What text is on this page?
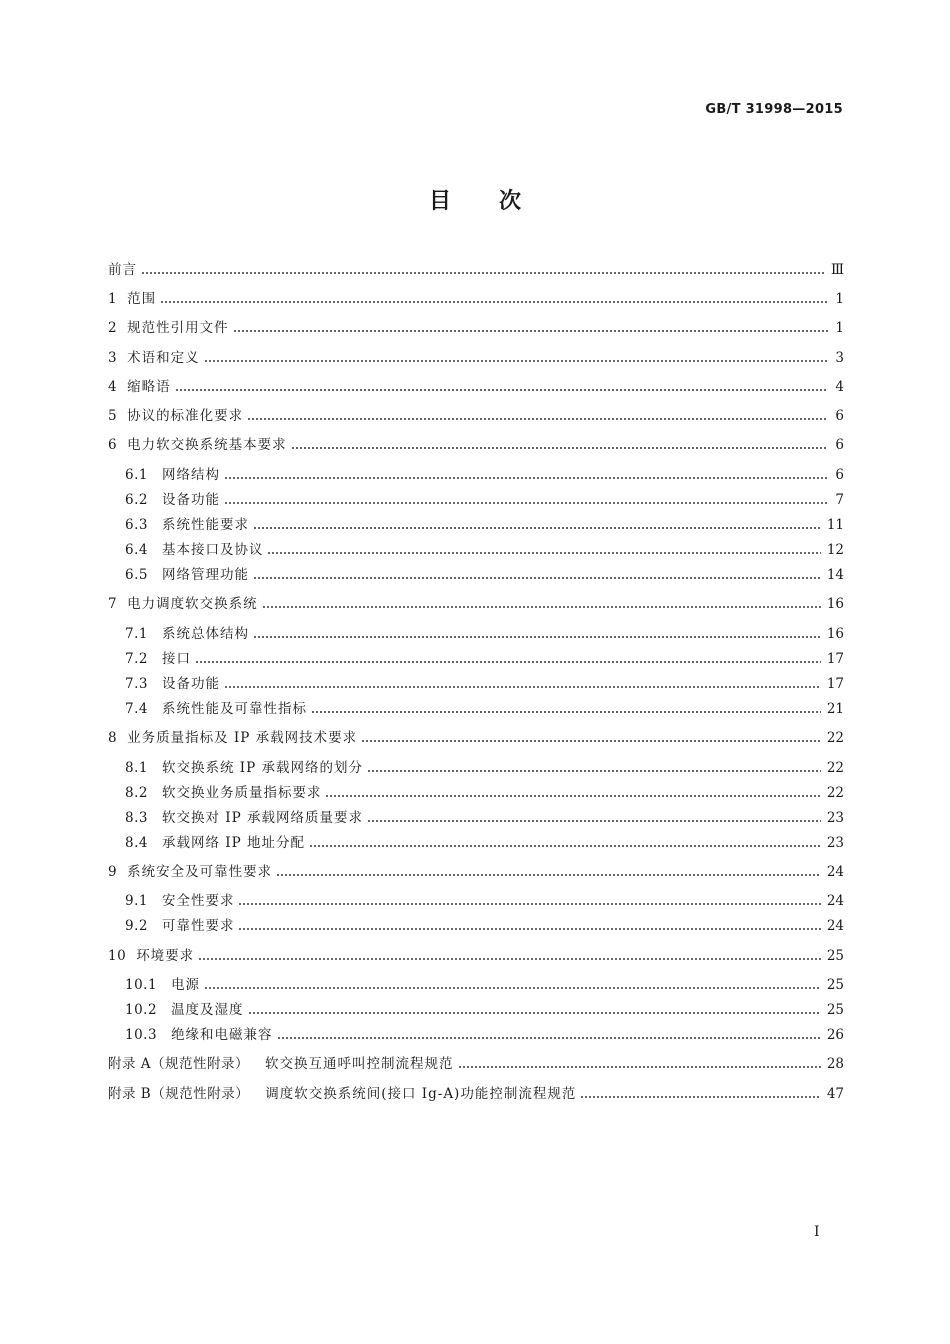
GB/T 31998—2015
目次
前言	Ⅲ
1 范围	1
2 规范性引用文件	1
3 术语和定义	3
4 缩略语	4
5 协议的标准化要求	6
6 电力软交换系统基本要求	6
6.1 网络结构	6
6.2 设备功能	7
6.3 系统性能要求	11
6.4 基本接口及协议	12
6.5 网络管理功能	14
7 电力调度软交换系统	16
7.1 系统总体结构	16
7.2 接口	17
7.3 设备功能	17
7.4 系统性能及可靠性指标	21
8 业务质量指标及 IP 承载网技术要求	22
8.1 软交换系统 IP 承载网络的划分	22
8.2 软交换业务质量指标要求	22
8.3 软交换对 IP 承载网络质量要求	23
8.4 承载网络 IP 地址分配	23
9 系统安全及可靠性要求	24
9.1 安全性要求	24
9.2 可靠性要求	24
10 环境要求	25
10.1 电源	25
10.2 温度及湿度	25
10.3 绝缘和电磁兼容	26
附录 A（规范性附录） 软交换互通呼叫控制流程规范	28
附录 B（规范性附录） 调度软交换系统间(接口 Ig-A)功能控制流程规范	47
I
